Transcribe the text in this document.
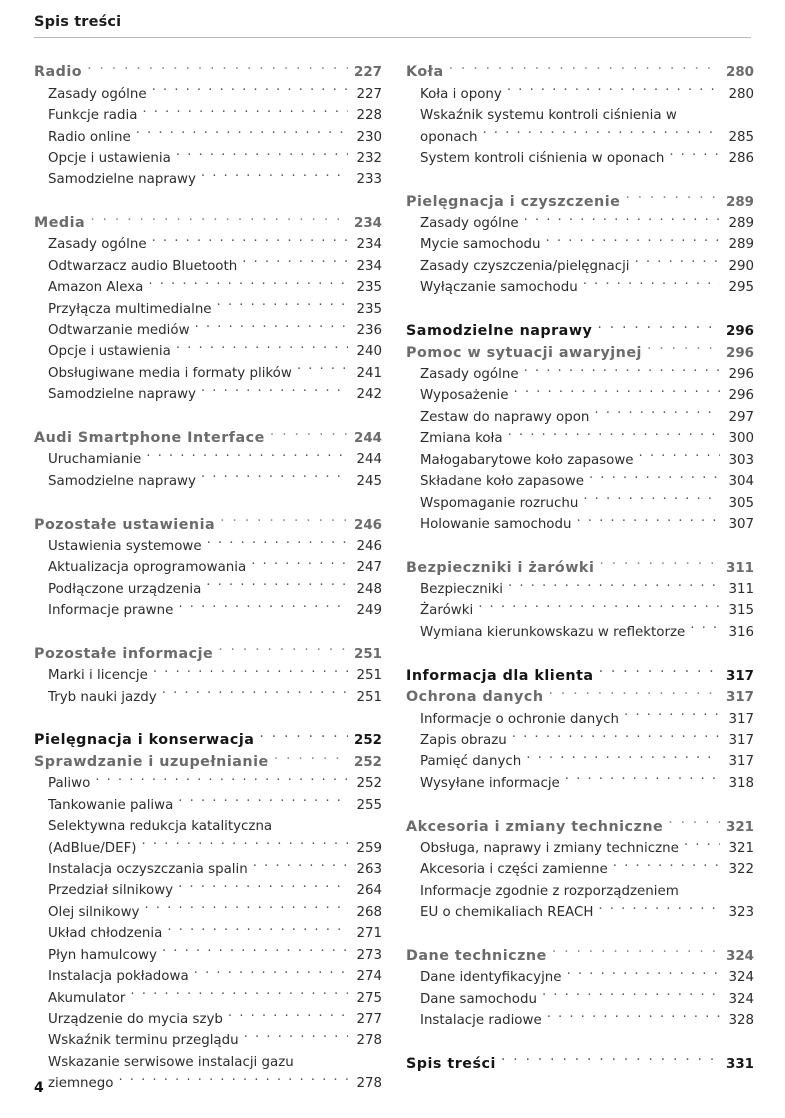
Spis treści
Radio . . .	227
Zasady ogólne . . .	227
Funkcje radia . . .	228
Radio online . . .	230
Opcje i ustawienia . . .	232
Samodzielne naprawy . . .	233
Media . . .	234
Zasady ogólne . . .	234
Odtwarzacz audio Bluetooth . . .	234
Amazon Alexa . . .	235
Przyłącza multimedialne . . .	235
Odtwarzanie mediów . . .	236
Opcje i ustawienia . . .	240
Obsługiwane media i formaty plików . . .	241
Samodzielne naprawy . . .	242
Audi Smartphone Interface . . .	244
Uruchamianie . . .	244
Samodzielne naprawy . . .	245
Pozostałe ustawienia . . .	246
Ustawienia systemowe . . .	246
Aktualizacja oprogramowania . . .	247
Podłączone urządzenia . . .	248
Informacje prawne . . .	249
Pozostałe informacje . . .	251
Marki i licencje . . .	251
Tryb nauki jazdy . . .	251
Pielęgnacja i konserwacja . . .	252
Sprawdzanie i uzupełnianie . . .	252
Paliwo . . .	252
Tankowanie paliwa . . .	255
Selektywna redukcja katalityczna
(AdBlue/DEF) . . .	259
Instalacja oczyszczania spalin . . .	263
Przedział silnikowy . . .	264
Olej silnikowy . . .	268
Układ chłodzenia . . .	271
Płyn hamulcowy . . .	273
Instalacja pokładowa . . .	274
Akumulator . . .	275
Urządzenie do mycia szyb . . .	277
Wskaźnik terminu przeglądu . . .	278
Wskazanie serwisowe instalacji gazu
ziemnego . . .	278
Koła . . .	280
Koła i opony . . .	280
Wskaźnik systemu kontroli ciśnienia w
oponach . . .	285
System kontroli ciśnienia w oponach . . .	286
Pielęgnacja i czyszczenie . . .	289
Zasady ogólne . . .	289
Mycie samochodu . . .	289
Zasady czyszczenia/pielęgnacji . . .	290
Wyłączanie samochodu . . .	295
Samodzielne naprawy . . .	296
Pomoc w sytuacji awaryjnej . . .	296
Zasady ogólne . . .	296
Wyposażenie . . .	296
Zestaw do naprawy opon . . .	297
Zmiana koła . . .	300
Małogabarytowe koło zapasowe . . .	303
Składane koło zapasowe . . .	304
Wspomaganie rozruchu . . .	305
Holowanie samochodu . . .	307
Bezpieczniki i żarówki . . .	311
Bezpieczniki . . .	311
Żarówki . . .	315
Wymiana kierunkowskazu w reflektorze . . .	316
Informacja dla klienta . . .	317
Ochrona danych . . .	317
Informacje o ochronie danych . . .	317
Zapis obrazu . . .	317
Pamięć danych . . .	317
Wysyłane informacje . . .	318
Akcesoria i zmiany techniczne . . .	321
Obsługa, naprawy i zmiany techniczne . . .	321
Akcesoria i części zamienne . . .	322
Informacje zgodnie z rozporządzeniem
EU o chemikaliach REACH . . .	323
Dane techniczne . . .	324
Dane identyfikacyjne . . .	324
Dane samochodu . . .	324
Instalacje radiowe . . .	328
Spis treści . . .	331
4
